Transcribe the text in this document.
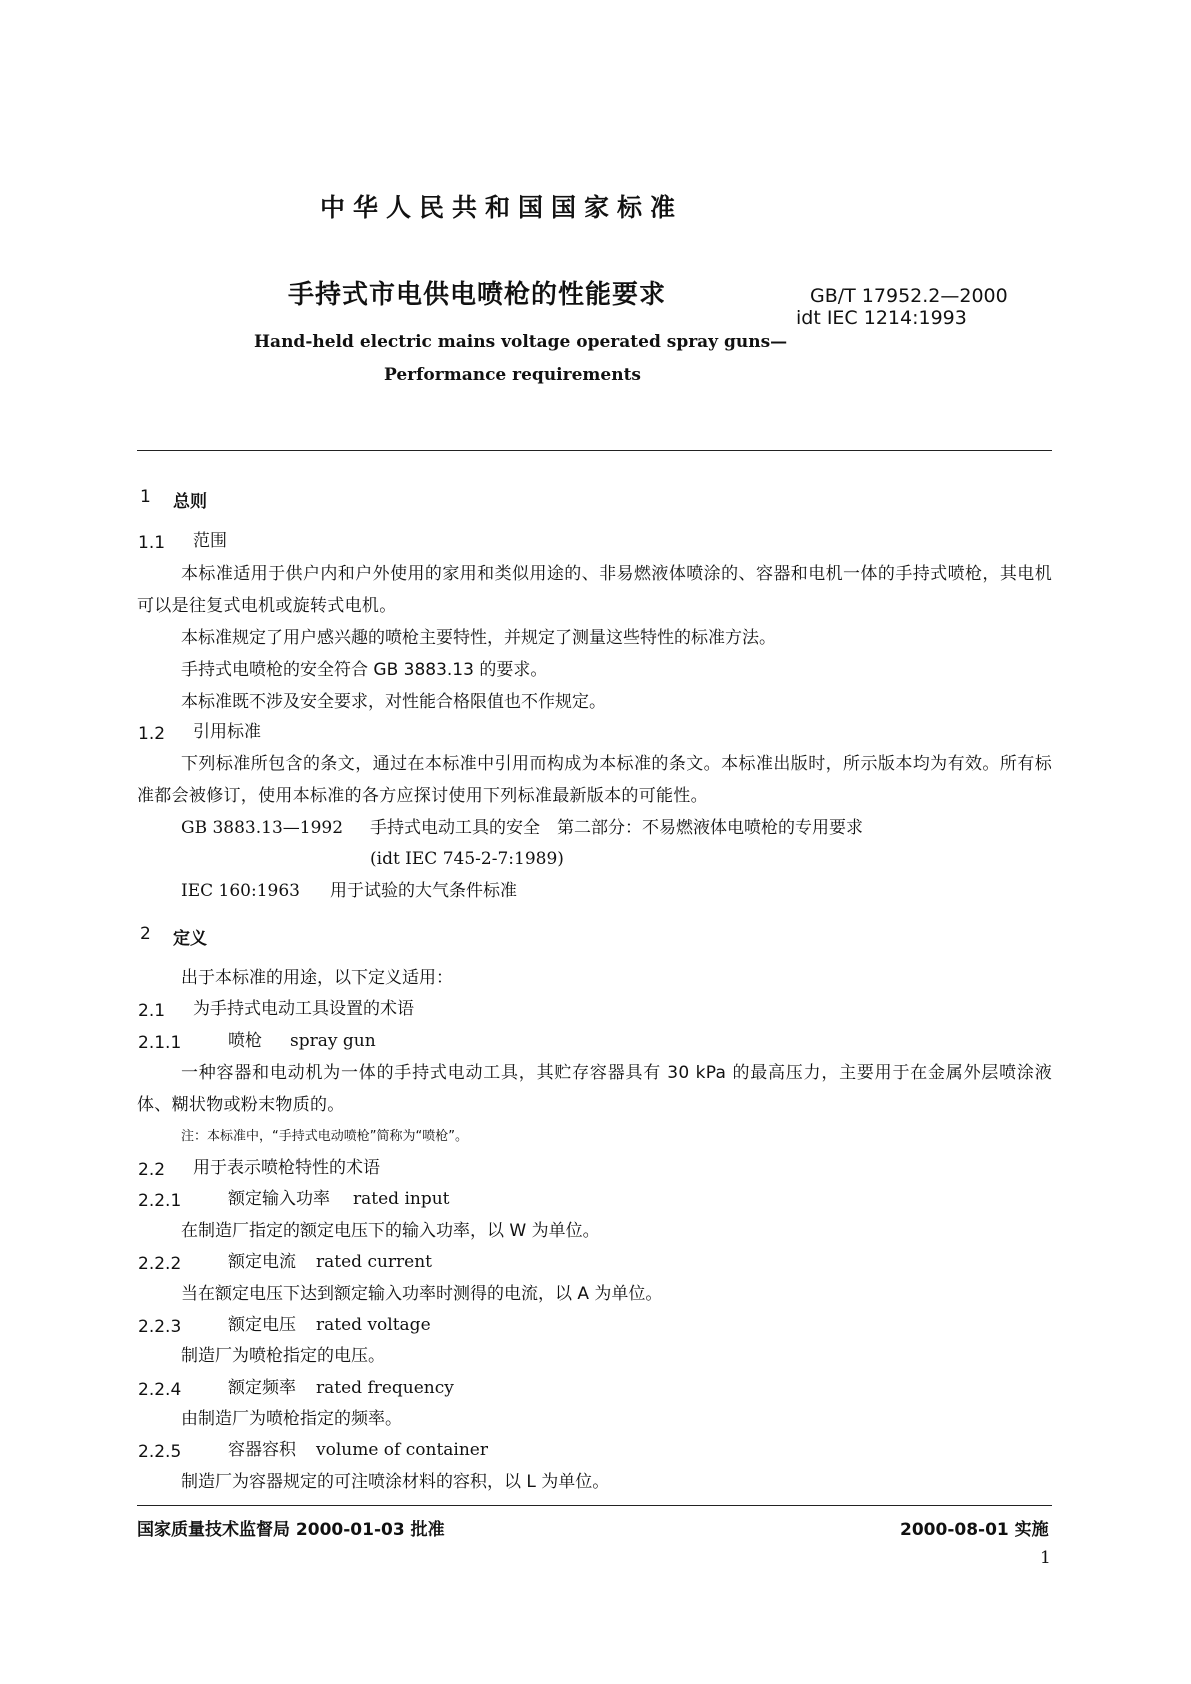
中华人民共和国国家标准
手持式市电供电喷枪的性能要求	GB/T 17952.2—2000
idt IEC 1214:1993
Hand-held electric mains voltage operated spray guns—
Performance requirements
1 总则
1.1 范围
本标准适用于供户内和户外使用的家用和类似用途的、非易燃液体喷涂的、容器和电机一体的手持式喷枪，其电机可以是往复式电机或旋转式电机。
本标准规定了用户感兴趣的喷枪主要特性，并规定了测量这些特性的标准方法。
手持式电喷枪的安全符合 GB 3883.13 的要求。
本标准既不涉及安全要求，对性能合格限值也不作规定。
1.2 引用标准
下列标准所包含的条文，通过在本标准中引用而构成为本标准的条文。本标准出版时，所示版本均为有效。所有标准都会被修订，使用本标准的各方应探讨使用下列标准最新版本的可能性。
GB 3883.13—1992 手持式电动工具的安全　第二部分：不易燃液体电喷枪的专用要求
(idt IEC 745-2-7:1989)
IEC 160:1963 用于试验的大气条件标准
2 定义
出于本标准的用途，以下定义适用：
2.1 为手持式电动工具设置的术语
2.1.1	喷枪 spray gun
一种容器和电动机为一体的手持式电动工具，其贮存容器具有 30 kPa 的最高压力，主要用于在金属外层喷涂液体、糊状物或粉末物质的。
注：本标准中，“手持式电动喷枪”简称为“喷枪”。
2.2 用于表示喷枪特性的术语
2.2.1	额定输入功率 rated input
在制造厂指定的额定电压下的输入功率，以 W 为单位。
2.2.2	额定电流 rated current
当在额定电压下达到额定输入功率时测得的电流，以 A 为单位。
2.2.3	额定电压 rated voltage
制造厂为喷枪指定的电压。
2.2.4	额定频率 rated frequency
由制造厂为喷枪指定的频率。
2.2.5	容器容积 volume of container
制造厂为容器规定的可注喷涂材料的容积，以 L 为单位。
国家质量技术监督局 2000-01-03 批准	2000-08-01 实施
1
